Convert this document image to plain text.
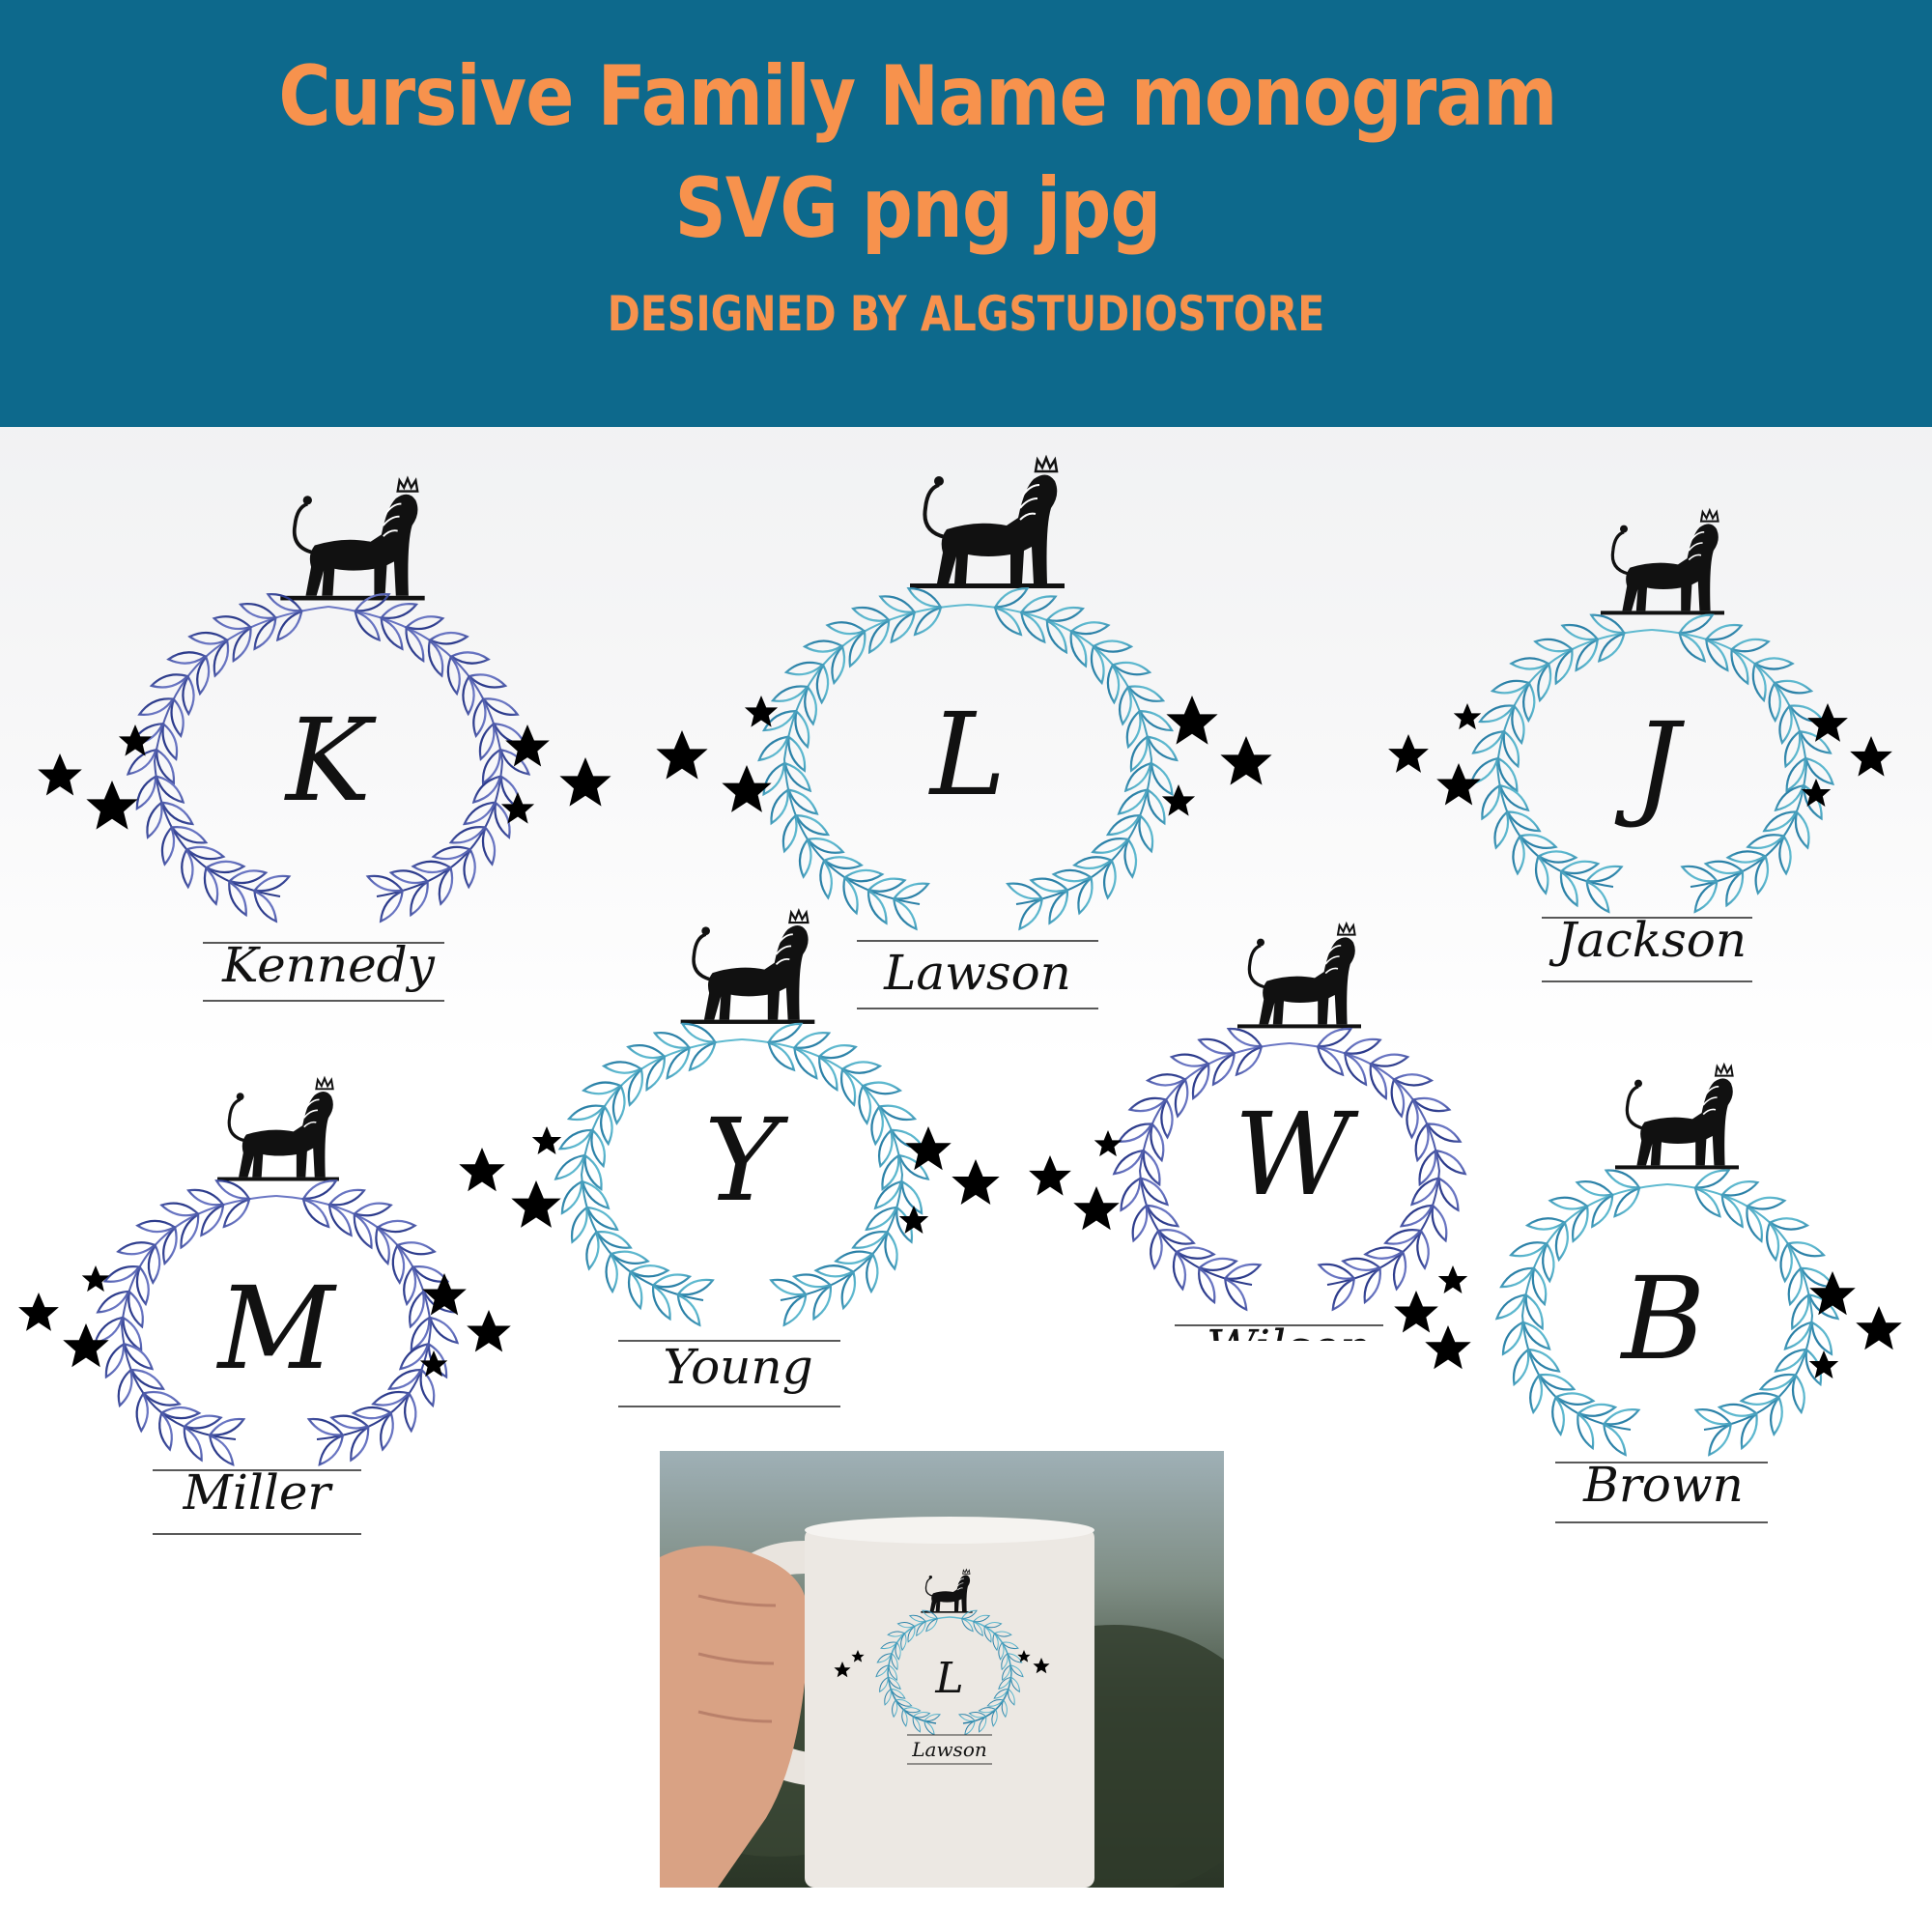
Cursive Family Name monogram SVG png jpg

DESIGNED BY ALGSTUDIOSTORE

K
Kennedy
L
Lawson
J
Jackson
M
Miller
Y
Young
W
Wilson B
Brown
L
Lawson
